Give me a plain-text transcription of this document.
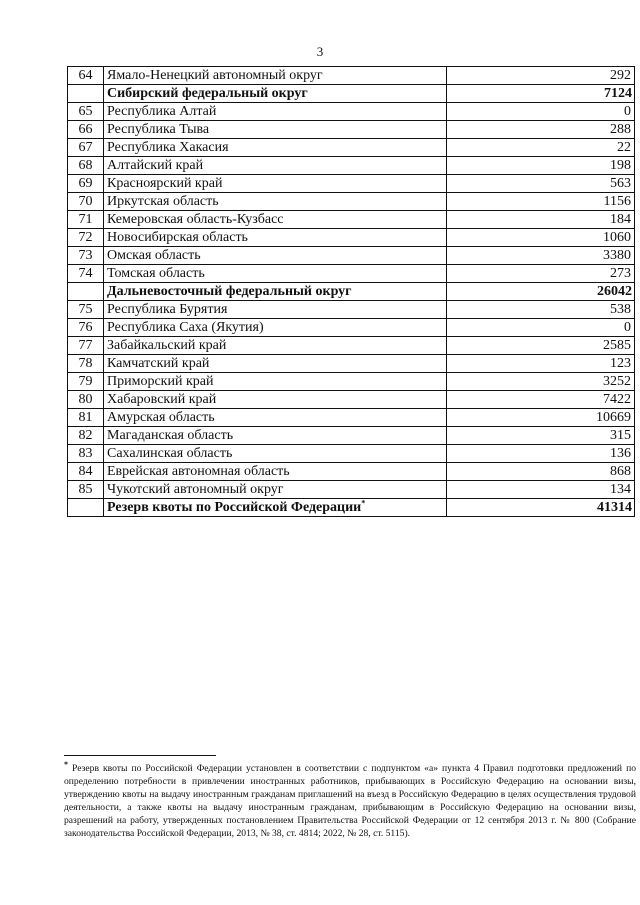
3
64	Ямало-Ненецкий автономный округ	292
	Сибирский федеральный округ	7124
65	Республика Алтай	0
66	Республика Тыва	288
67	Республика Хакасия	22
68	Алтайский край	198
69	Красноярский край	563
70	Иркутская область	1156
71	Кемеровская область-Кузбасс	184
72	Новосибирская область	1060
73	Омская область	3380
74	Томская область	273
	Дальневосточный федеральный округ	26042
75	Республика Бурятия	538
76	Республика Саха (Якутия)	0
77	Забайкальский край	2585
78	Камчатский край	123
79	Приморский край	3252
80	Хабаровский край	7422
81	Амурская область	10669
82	Магаданская область	315
83	Сахалинская область	136
84	Еврейская автономная область	868
85	Чукотский автономный округ	134
	Резерв квоты по Российской Федерации*	41314
* Резерв квоты по Российской Федерации установлен в соответствии с подпунктом «а» пункта 4 Правил подготовки предложений по определению потребности в привлечении иностранных работников, прибывающих в Российскую Федерацию на основании визы, утверждению квоты на выдачу иностранным гражданам приглашений на въезд в Российскую Федерацию в целях осуществления трудовой деятельности, а также квоты на выдачу иностранным гражданам, прибывающим в Российскую Федерацию на основании визы, разрешений на работу, утвержденных постановлением Правительства Российской Федерации от 12 сентября 2013 г. № 800 (Собрание законодательства Российской Федерации, 2013, № 38, ст. 4814; 2022, № 28, ст. 5115).
